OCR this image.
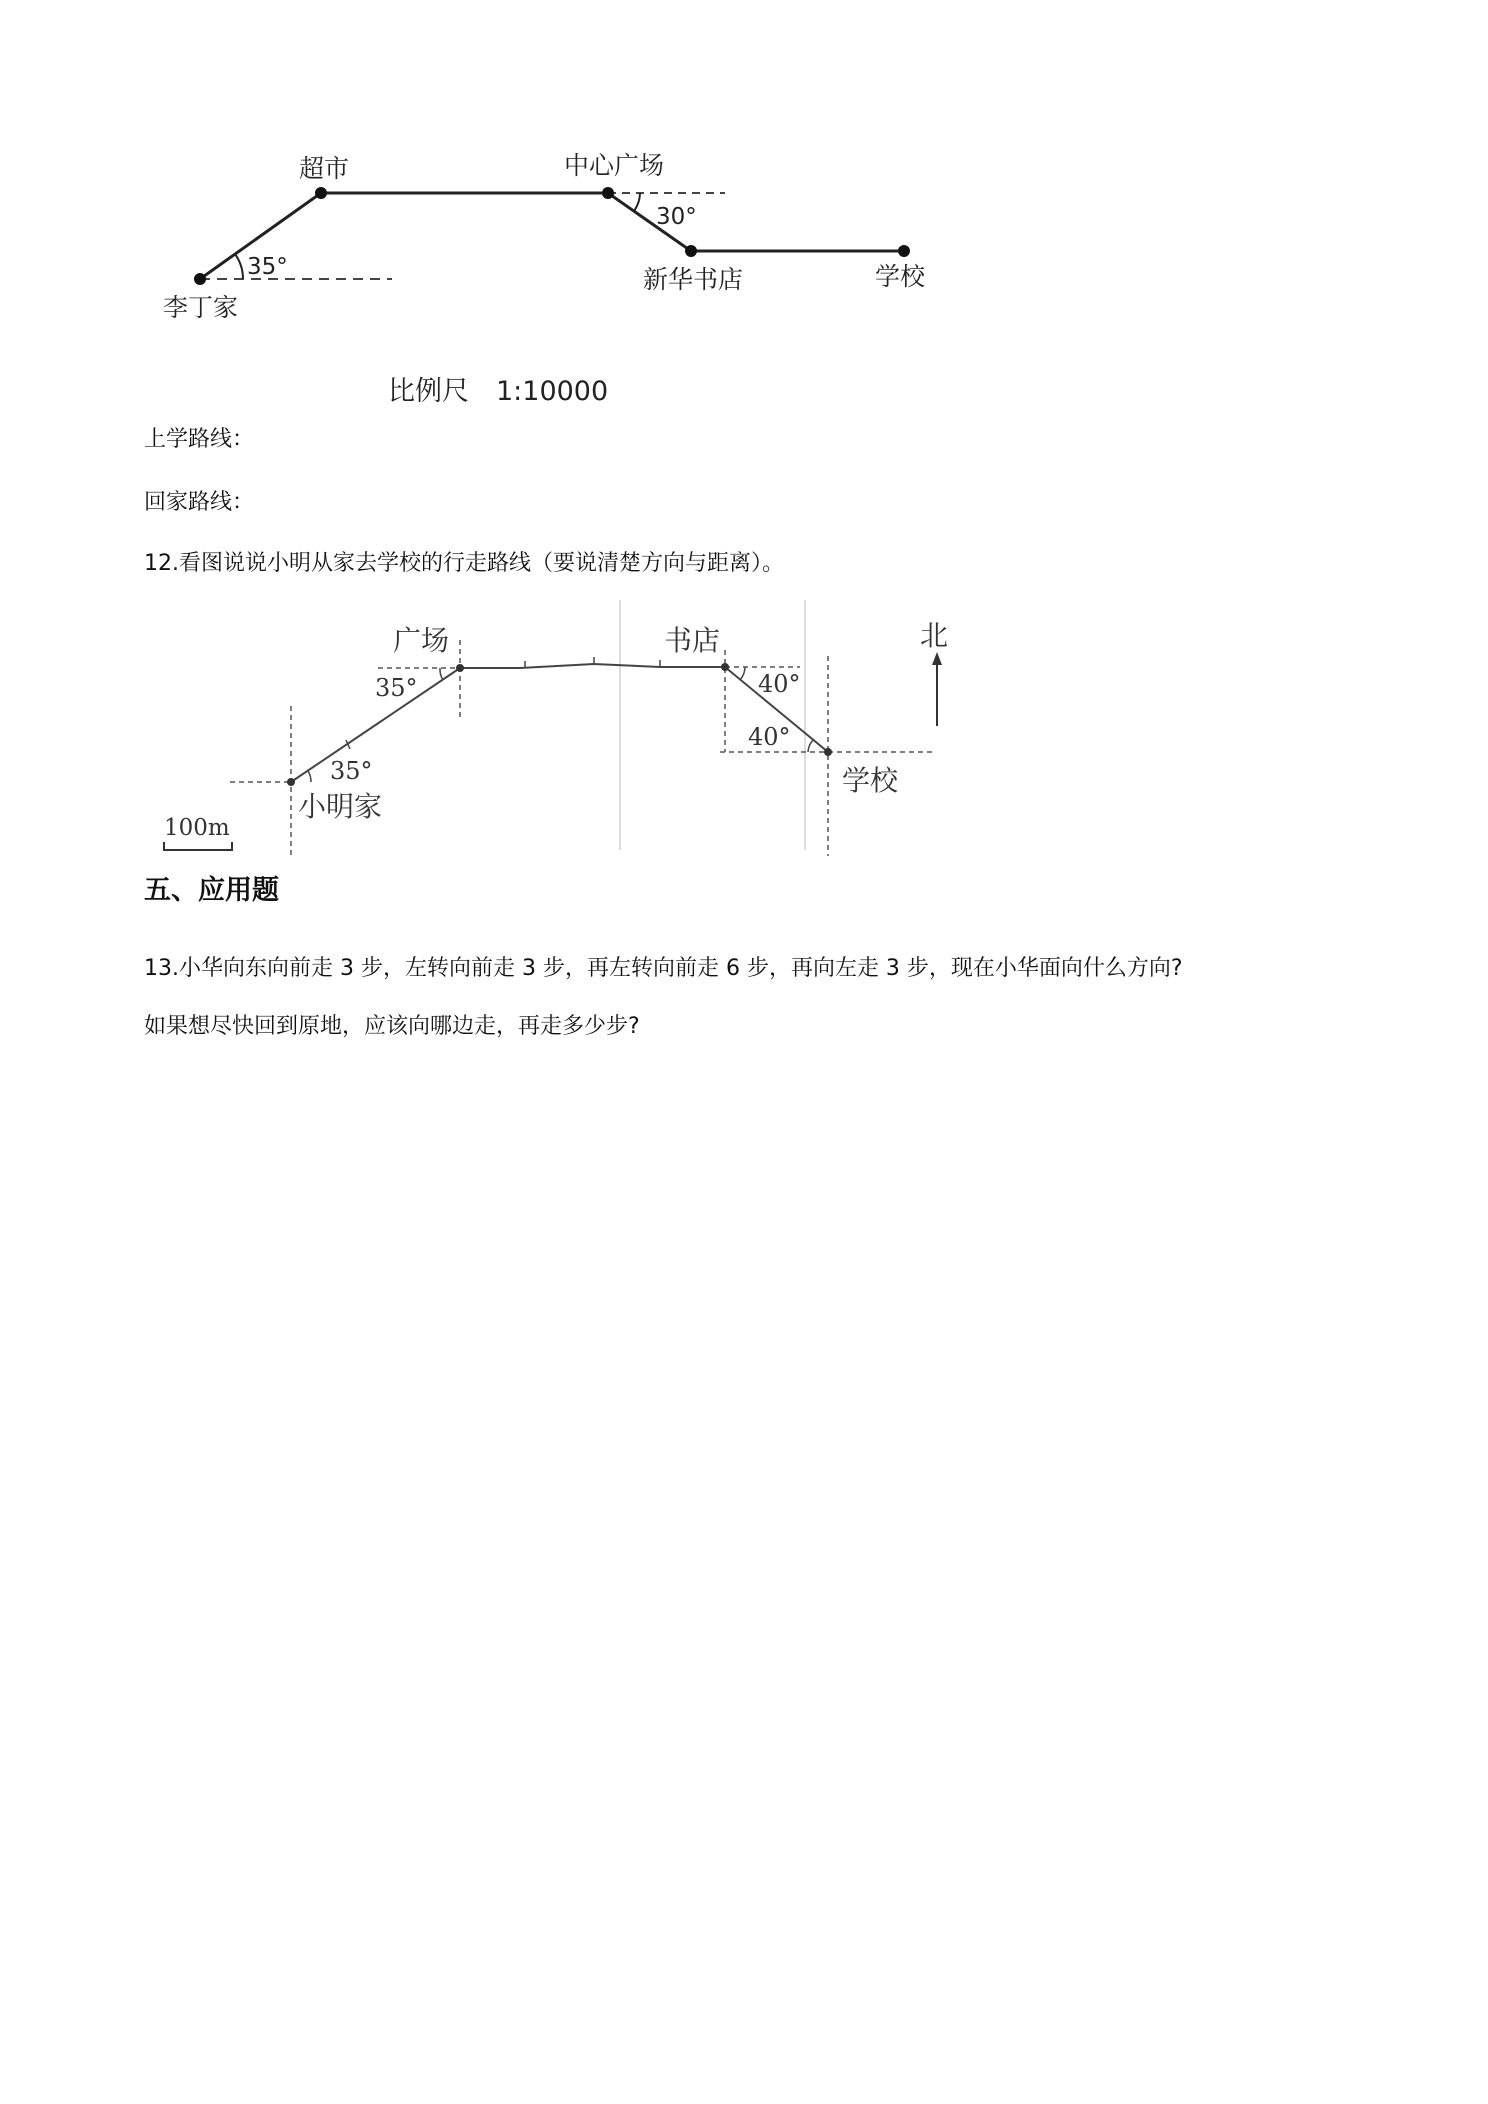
超市	中心广场
30°
35°
李丁家
新华书店	学校
比例尺　1:10000
上学路线：
回家路线：
12.看图说说小明从家去学校的行走路线（要说清楚方向与距离）。
广场	书店	北
35°	40°
40°
35°	学校
小明家
100m
五、应用题
13.小华向东向前走 3 步，左转向前走 3 步，再左转向前走 6 步，再向左走 3 步，现在小华面向什么方向?
如果想尽快回到原地，应该向哪边走，再走多少步?
